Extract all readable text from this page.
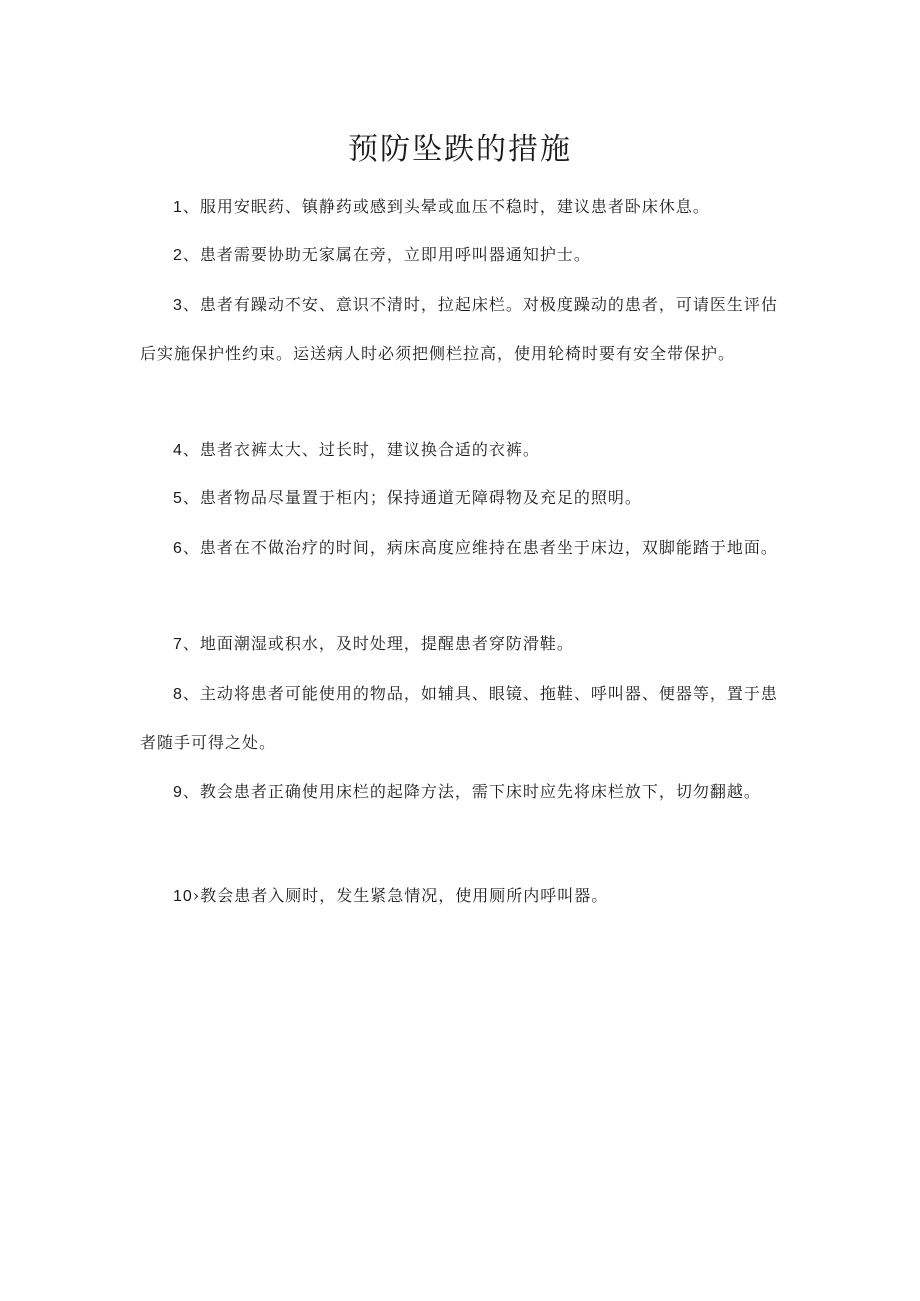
预防坠跌的措施

1、服用安眠药、镇静药或感到头晕或血压不稳时，建议患者卧床休息。

2、患者需要协助无家属在旁，立即用呼叫器通知护士。

3、患者有躁动不安、意识不清时，拉起床栏。对极度躁动的患者，可请医生评估后实施保护性约束。运送病人时必须把侧栏拉高，使用轮椅时要有安全带保护。

4、患者衣裤太大、过长时，建议换合适的衣裤。

5、患者物品尽量置于柜内；保持通道无障碍物及充足的照明。

6、患者在不做治疗的时间，病床高度应维持在患者坐于床边，双脚能踏于地面。

7、地面潮湿或积水，及时处理，提醒患者穿防滑鞋。

8、主动将患者可能使用的物品，如辅具、眼镜、拖鞋、呼叫器、便器等，置于患者随手可得之处。

9、教会患者正确使用床栏的起降方法，需下床时应先将床栏放下，切勿翻越。

10›教会患者入厕时，发生紧急情况，使用厕所内呼叫器。
